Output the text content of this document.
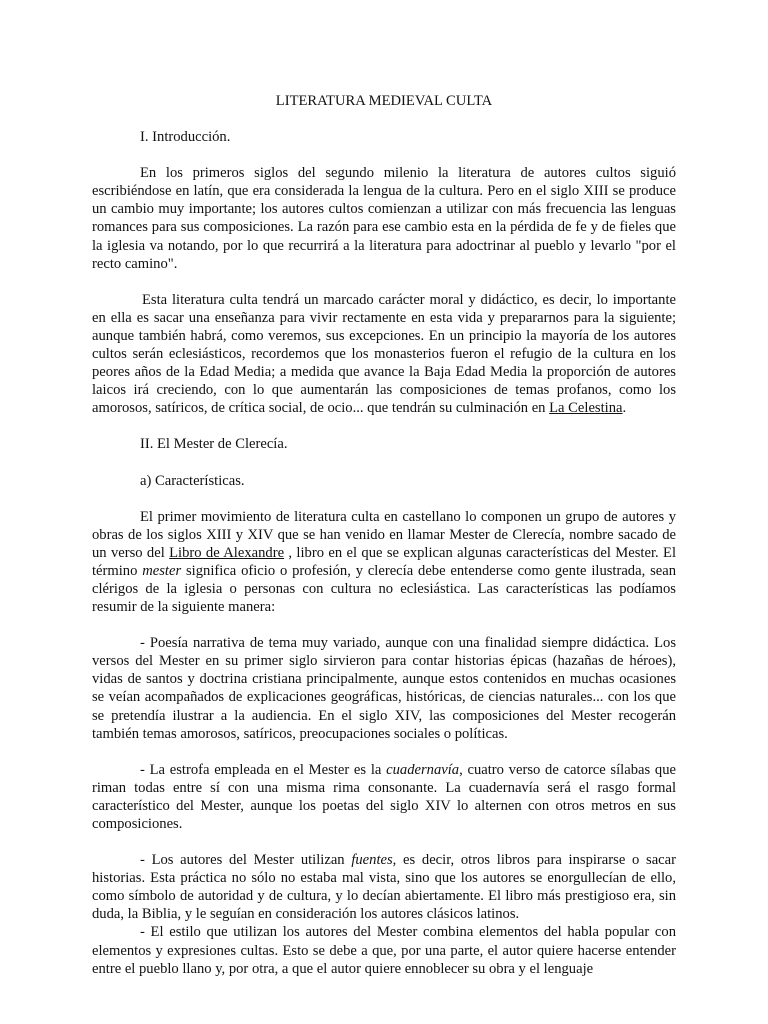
LITERATURA MEDIEVAL CULTA
I. Introducción.

En los primeros siglos del segundo milenio la literatura de autores cultos siguió escribiéndose en latín, que era considerada la lengua de la cultura. Pero en el siglo XIII se produce un cambio muy importante; los autores cultos comienzan a utilizar con más frecuencia las lenguas romances para sus composiciones. La razón para ese cambio esta en la pérdida de fe y de fieles que la iglesia va notando, por lo que recurrirá a la literatura para adoctrinar al pueblo y levarlo "por el recto camino".

Esta literatura culta tendrá un marcado carácter moral y didáctico, es decir, lo importante en ella es sacar una enseñanza para vivir rectamente en esta vida y prepararnos para la siguiente; aunque también habrá, como veremos, sus excepciones. En un principio la mayoría de los autores cultos serán eclesiásticos, recordemos que los monasterios fueron el refugio de la cultura en los peores años de la Edad Media; a medida que avance la Baja Edad Media la proporción de autores laicos irá creciendo, con lo que aumentarán las composiciones de temas profanos, como los amorosos, satíricos, de crítica social, de ocio... que tendrán su culminación en La Celestina.

II. El Mester de Clerecía.
a) Características.

El primer movimiento de literatura culta en castellano lo componen un grupo de autores y obras de los siglos XIII y XIV que se han venido en llamar Mester de Clerecía, nombre sacado de un verso del Libro de Alexandre , libro en el que se explican algunas características del Mester. El término mester significa oficio o profesión, y clerecía debe entenderse como gente ilustrada, sean clérigos de la iglesia o personas con cultura no eclesiástica. Las características las podíamos resumir de la siguiente manera:

- Poesía narrativa de tema muy variado, aunque con una finalidad siempre didáctica. Los versos del Mester en su primer siglo sirvieron para contar historias épicas (hazañas de héroes), vidas de santos y doctrina cristiana principalmente, aunque estos contenidos en muchas ocasiones se veían acompañados de explicaciones geográficas, históricas, de ciencias naturales... con los que se pretendía ilustrar a la audiencia. En el siglo XIV, las composiciones del Mester recogerán también temas amorosos, satíricos, preocupaciones sociales o políticas.

- La estrofa empleada en el Mester es la cuadernavía, cuatro verso de catorce sílabas que riman todas entre sí con una misma rima consonante. La cuadernavía será el rasgo formal característico del Mester, aunque los poetas del siglo XIV lo alternen con otros metros en sus composiciones.

- Los autores del Mester utilizan fuentes, es decir, otros libros para inspirarse o sacar historias. Esta práctica no sólo no estaba mal vista, sino que los autores se enorgullecían de ello, como símbolo de autoridad y de cultura, y lo decían abiertamente. El libro más prestigioso era, sin duda, la Biblia, y le seguían en consideración los autores clásicos latinos.

- El estilo que utilizan los autores del Mester combina elementos del habla popular con elementos y expresiones cultas. Esto se debe a que, por una parte, el autor quiere hacerse entender entre el pueblo llano y, por otra, a que el autor quiere ennoblecer su obra y el lenguaje
